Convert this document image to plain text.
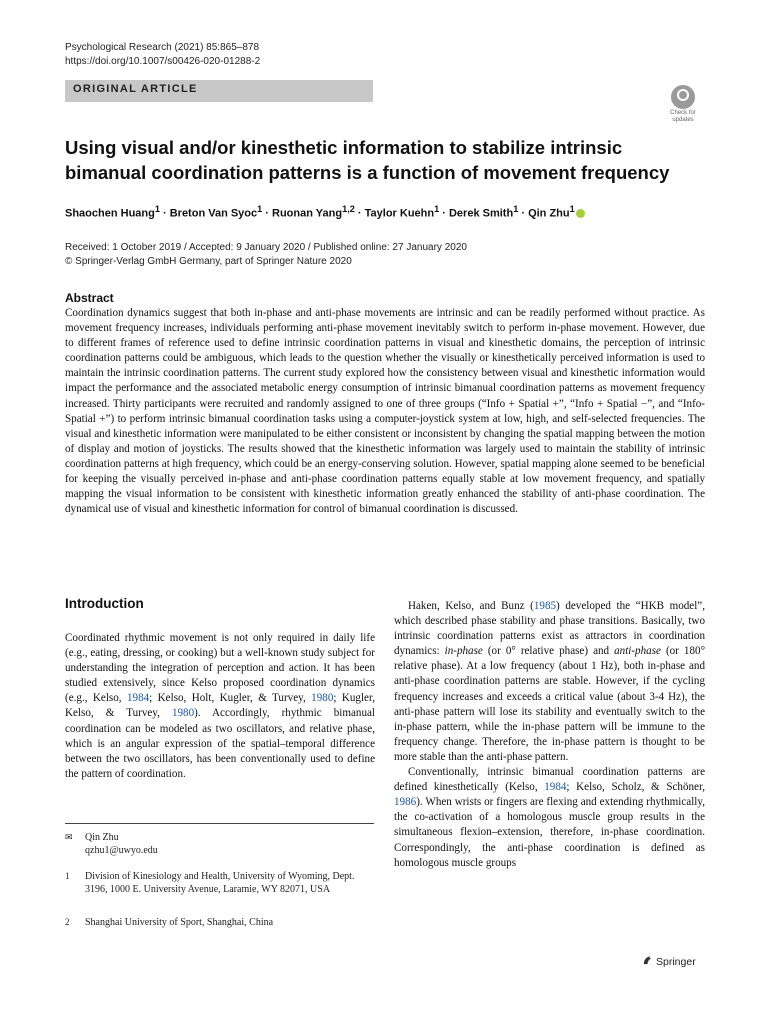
Psychological Research (2021) 85:865–878
https://doi.org/10.1007/s00426-020-01288-2
ORIGINAL ARTICLE
Check for
updates
Using visual and/or kinesthetic information to stabilize intrinsic
bimanual coordination patterns is a function of movement frequency
Shaochen Huang$^1$ · Breton Van Syoc$^1$ · Ruonan Yang$^{1,2}$ · Taylor Kuehn$^1$ · Derek Smith$^1$ · Qin Zhu$^1$
Received: 1 October 2019 / Accepted: 9 January 2020 / Published online: 27 January 2020
© Springer-Verlag GmbH Germany, part of Springer Nature 2020
Abstract

Coordination dynamics suggest that both in-phase and anti-phase movements are intrinsic and can be readily performed without practice. As movement frequency increases, individuals performing anti-phase movement inevitably switch to perform in-phase movement. However, due to different frames of reference used to define intrinsic coordination patterns in visual and kinesthetic domains, the perception of intrinsic coordination patterns could be ambiguous, which leads to the question whether the visually or kinesthetically perceived information is used to maintain the intrinsic coordination patterns. The current study explored how the consistency between visual and kinesthetic information would impact the performance and the associated metabolic energy consumption of intrinsic bimanual coordination patterns as movement frequency increased. Thirty participants were recruited and randomly assigned to one of three groups (“Info + Spatial +”, “Info + Spatial −”, and “Info-Spatial +”) to perform intrinsic bimanual coordination tasks using a computer-joystick system at low, high, and self-selected frequencies. The visual and kinesthetic information were manipulated to be either consistent or inconsistent by changing the spatial mapping between the motion of display and motion of joysticks. The results showed that the kinesthetic information was largely used to maintain the stability of intrinsic coordination patterns at high frequency, which could be an energy-conserving solution. However, spatial mapping alone seemed to be beneficial for keeping the visually perceived in-phase and anti-phase coordination patterns equally stable at low movement frequency, and spatially mapping the visual information to be consistent with kinesthetic information greatly enhanced the stability of anti-phase coordination. The dynamical use of visual and kinesthetic information for control of bimanual coordination is discussed.

Introduction

Coordinated rhythmic movement is not only required in daily life (e.g., eating, dressing, or cooking) but a well-known study subject for understanding the integration of perception and action. It has been studied extensively, since Kelso proposed coordination dynamics (e.g., Kelso, 1984; Kelso, Holt, Kugler, & Turvey, 1980; Kugler, Kelso, & Turvey, 1980). Accordingly, rhythmic bimanual coordination can be modeled as two oscillators, and relative phase, which is an angular expression of the spatial–temporal difference between the two oscillators, has been conventionally used to define the pattern of coordination.

✉ Qin Zhu
qzhu1@uwyo.edu
1 Division of Kinesiology and Health, University of Wyoming, Dept. 3196, 1000 E. University Avenue, Laramie, WY 82071, USA
2 Shanghai University of Sport, Shanghai, China

Haken, Kelso, and Bunz (1985) developed the “HKB model”, which described phase stability and phase transitions. Basically, two intrinsic coordination patterns exist as attractors in coordination dynamics: in-phase (or 0° relative phase) and anti-phase (or 180° relative phase). At a low frequency (about 1 Hz), both in-phase and anti-phase coordination patterns are stable. However, if the cycling frequency increases and exceeds a critical value (about 3-4 Hz), the anti-phase pattern will lose its stability and eventually switch to the in-phase pattern, while the in-phase pattern will be immune to the frequency change. Therefore, the in-phase pattern is thought to be more stable than the anti-phase pattern.

Conventionally, intrinsic bimanual coordination patterns are defined kinesthetically (Kelso, 1984; Kelso, Scholz, & Schöner, 1986). When wrists or fingers are flexing and extending rhythmically, the co-activation of a homologous muscle group results in the simultaneous flexion–extension, therefore, in-phase coordination. Correspondingly, the anti-phase coordination is defined as homologous muscle groups

Springer
